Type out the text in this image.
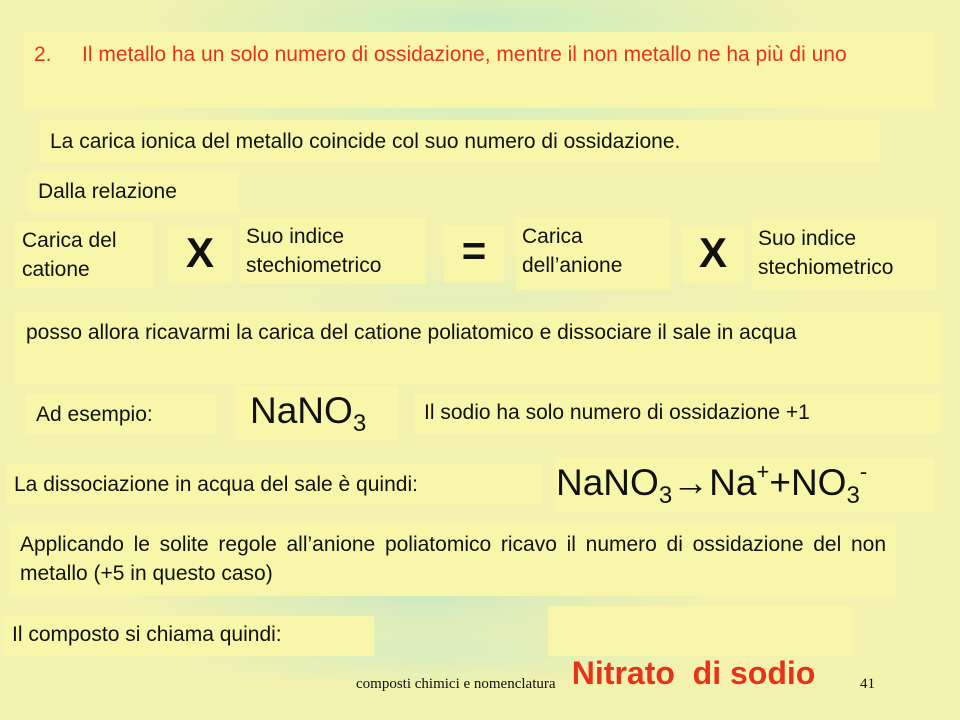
2.	Il metallo ha un solo numero di ossidazione, mentre il non metallo ne ha più di uno
La carica ionica del metallo coincide col suo numero di ossidazione.
Dalla relazione
Carica del catione	X	Suo indice stechiometrico	=	Carica dell’anione	X	Suo indice stechiometrico
posso allora ricavarmi la carica del catione poliatomico e dissociare il sale in acqua
Ad esempio:	NaNO$_3$	Il sodio ha solo numero di ossidazione +1
La dissociazione in acqua del sale è quindi:	$NaNO_3\to Na^++NO_3^-$
Applicando le solite regole all’anione poliatomico ricavo il numero di ossidazione del non metallo (+5 in questo caso)
Il composto si chiama quindi:

Nitrato  di sodio

composti chimici e nomenclatura	41
